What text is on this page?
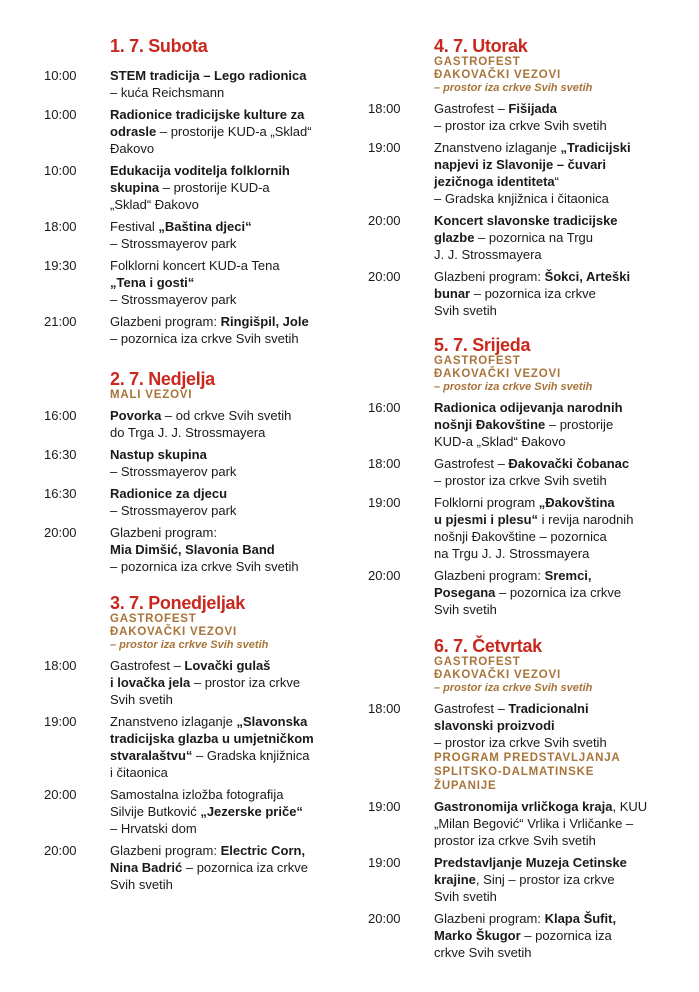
1. 7. Subota
10:00	STEM tradicija – Lego radionica
– kuća Reichsmann
10:00	Radionice tradicijske kulture za
odrasle – prostorije KUD-a „Sklad“
Đakovo
10:00	Edukacija voditelja folklornih
skupina – prostorije KUD-a
„Sklad“ Đakovo
18:00	Festival „Baština djeci“
– Strossmayerov park
19:30	Folklorni koncert KUD-a Tena
„Tena i gosti“
– Strossmayerov park
21:00	Glazbeni program: Ringišpil, Jole
– pozornica iza crkve Svih svetih
2. 7. Nedjelja
MALI VEZOVI
16:00	Povorka – od crkve Svih svetih
do Trga J. J. Strossmayera
16:30	Nastup skupina
– Strossmayerov park
16:30	Radionice za djecu
– Strossmayerov park
20:00	Glazbeni program:
Mia Dimšić, Slavonia Band
– pozornica iza crkve Svih svetih
3. 7. Ponedjeljak
GASTROFEST
ĐAKOVAČKI VEZOVI
– prostor iza crkve Svih svetih
18:00	Gastrofest – Lovački gulaš
i lovačka jela – prostor iza crkve
Svih svetih
19:00	Znanstveno izlaganje „Slavonska
tradicijska glazba u umjetničkom
stvaralaštvu“ – Gradska knjižnica
i čitaonica
20:00	Samostalna izložba fotografija
Silvije Butković „Jezerske priče“
– Hrvatski dom
20:00	Glazbeni program: Electric Corn,
Nina Badrić – pozornica iza crkve
Svih svetih
4. 7. Utorak
GASTROFEST
ĐAKOVAČKI VEZOVI
– prostor iza crkve Svih svetih
18:00	Gastrofest – Fišijada
– prostor iza crkve Svih svetih
19:00	Znanstveno izlaganje „Tradicijski
napjevi iz Slavonije – čuvari
jezičnoga identiteta“
– Gradska knjižnica i čitaonica
20:00	Koncert slavonske tradicijske
glazbe – pozornica na Trgu
J. J. Strossmayera
20:00	Glazbeni program: Šokci, Arteški
bunar – pozornica iza crkve
Svih svetih
5. 7. Srijeda
GASTROFEST
ĐAKOVAČKI VEZOVI
– prostor iza crkve Svih svetih
16:00	Radionica odijevanja narodnih
nošnji Đakovštine – prostorije
KUD-a „Sklad“ Đakovo
18:00	Gastrofest – Đakovački čobanac
– prostor iza crkve Svih svetih
19:00	Folklorni program „Đakovština
u pjesmi i plesu“ i revija narodnih
nošnji Đakovštine – pozornica
na Trgu J. J. Strossmayera
20:00	Glazbeni program: Sremci,
Posegana – pozornica iza crkve
Svih svetih
6. 7. Četvrtak
GASTROFEST
ĐAKOVAČKI VEZOVI
– prostor iza crkve Svih svetih
18:00	Gastrofest – Tradicionalni
slavonski proizvodi
– prostor iza crkve Svih svetih
PROGRAM PREDSTAVLJANJA
SPLITSKO-DALMATINSKE
ŽUPANIJE
19:00	Gastronomija vrličkoga kraja, KUU
„Milan Begović“ Vrlika i Vrličanke –
prostor iza crkve Svih svetih
19:00	Predstavljanje Muzeja Cetinske
krajine, Sinj – prostor iza crkve
Svih svetih
20:00	Glazbeni program: Klapa Šufit,
Marko Škugor – pozornica iza
crkve Svih svetih
